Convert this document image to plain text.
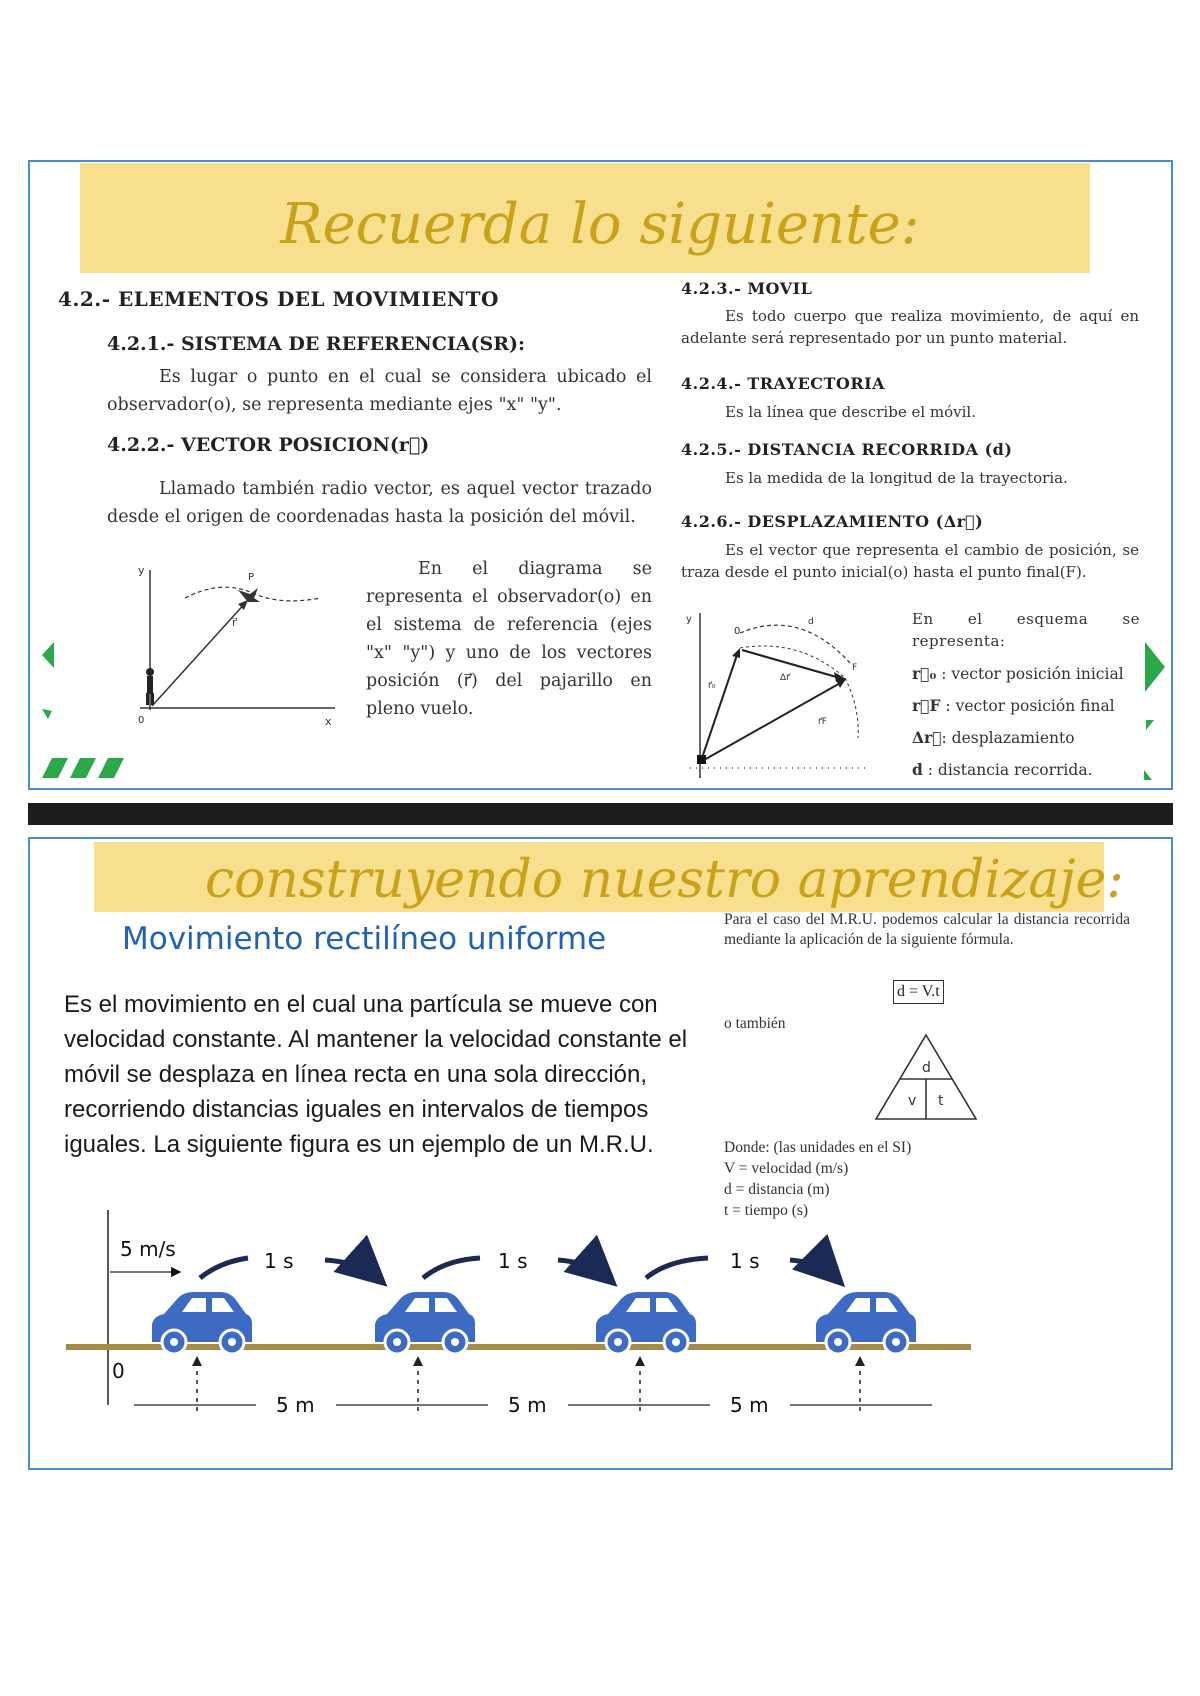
Recuerda lo siguiente:
4.2.- ELEMENTOS DEL MOVIMIENTO
4.2.1.- SISTEMA DE REFERENCIA(SR):
Es lugar o punto en el cual se considera ubicado el observador(o), se representa mediante ejes "x" "y".
4.2.2.- VECTOR POSICION(r⃗)
Llamado también radio vector, es aquel vector trazado desde el origen de coordenadas hasta la posición del móvil.
y
x
0
P
r⃗
En el diagrama se representa el observador(o) en el sistema de referencia (ejes "x" "y") y uno de los vectores posición (r⃗) del pajarillo en pleno vuelo.
4.2.3.- MOVIL
Es todo cuerpo que realiza movimiento, de aquí en adelante será representado por un punto material.
4.2.4.- TRAYECTORIA
Es la línea que describe el móvil.
4.2.5.- DISTANCIA RECORRIDA (d)
Es la medida de la longitud de la trayectoria.
4.2.6.- DESPLAZAMIENTO (Δr⃗)
Es el vector que representa el cambio de posición, se traza desde el punto inicial(o) hasta el punto final(F).
y
0
F
d
r⃗₀
r⃗F
Δr⃗
En el esquema se representa:
r⃗₀ : vector posición inicial
r⃗F : vector posición final
Δr⃗: desplazamiento
d : distancia recorrida.
construyendo nuestro aprendizaje:
Movimiento rectilíneo uniforme
Es el movimiento en el cual una partícula se mueve con velocidad constante. Al mantener la velocidad constante el móvil se desplaza en línea recta en una sola dirección, recorriendo distancias iguales en intervalos de tiempos iguales. La siguiente figura es un ejemplo de un M.R.U.
Para el caso del M.R.U. podemos calcular la distancia recorrida mediante la aplicación de la siguiente fórmula.
d = V.t
o también
d
v t
Donde: (las unidades en el SI)
V = velocidad (m/s)
d = distancia (m)
t = tiempo (s)
5 m/s
0
1 s	1 s	1 s
5 m	5 m	5 m
